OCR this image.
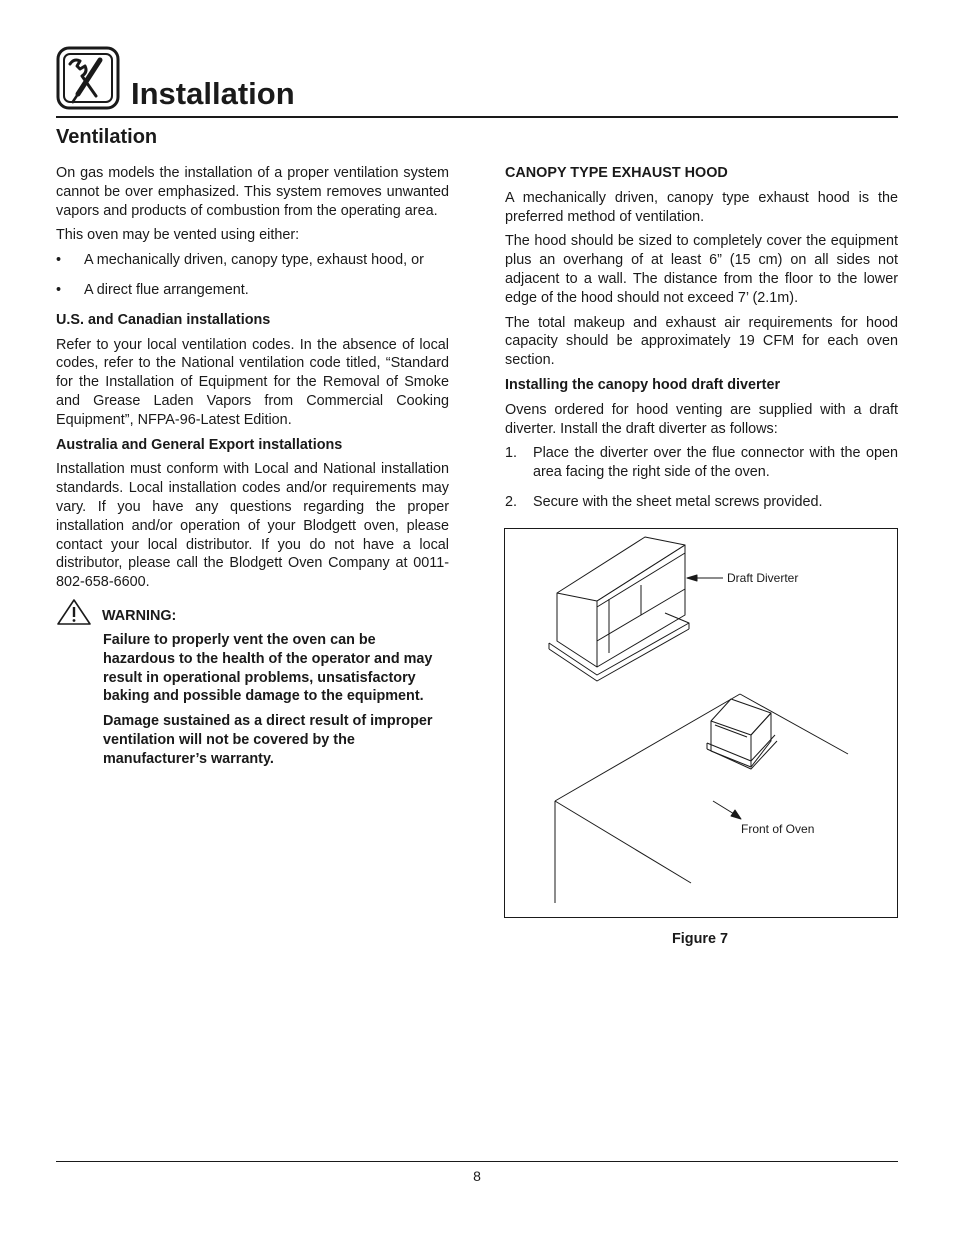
Installation
Ventilation

On gas models the installation of a proper ventilation system cannot be over emphasized. This system removes unwanted vapors and products of combustion from the operating area.

This oven may be vented using either:

• A mechanically driven, canopy type, exhaust hood, or
• A direct flue arrangement.

U.S. and Canadian installations

Refer to your local ventilation codes. In the absence of local codes, refer to the National ventilation code titled, “Standard for the Installation of Equipment for the Removal of Smoke and Grease Laden Vapors from Commercial Cooking Equipment”, NFPA-96-Latest Edition.

Australia and General Export installations

Installation must conform with Local and National installation standards. Local installation codes and/or requirements may vary. If you have any questions regarding the proper installation and/or operation of your Blodgett oven, please contact your local distributor. If you do not have a local distributor, please call the Blodgett Oven Company at 0011-802-658-6600.

WARNING:

Failure to properly vent the oven can be hazardous to the health of the operator and may result in operational problems, unsatisfactory baking and possible damage to the equipment.

Damage sustained as a direct result of improper ventilation will not be covered by the manufacturer’s warranty.

CANOPY TYPE EXHAUST HOOD

A mechanically driven, canopy type exhaust hood is the preferred method of ventilation.

The hood should be sized to completely cover the equipment plus an overhang of at least 6” (15 cm) on all sides not adjacent to a wall. The distance from the floor to the lower edge of the hood should not exceed 7’ (2.1m).

The total makeup and exhaust air requirements for hood capacity should be approximately 19 CFM for each oven section.

Installing the canopy hood draft diverter

Ovens ordered for hood venting are supplied with a draft diverter. Install the draft diverter as follows:

1. Place the diverter over the flue connector with the open area facing the right side of the oven.
2. Secure with the sheet metal screws provided.
Draft Diverter
Front of Oven
Figure 7
8
